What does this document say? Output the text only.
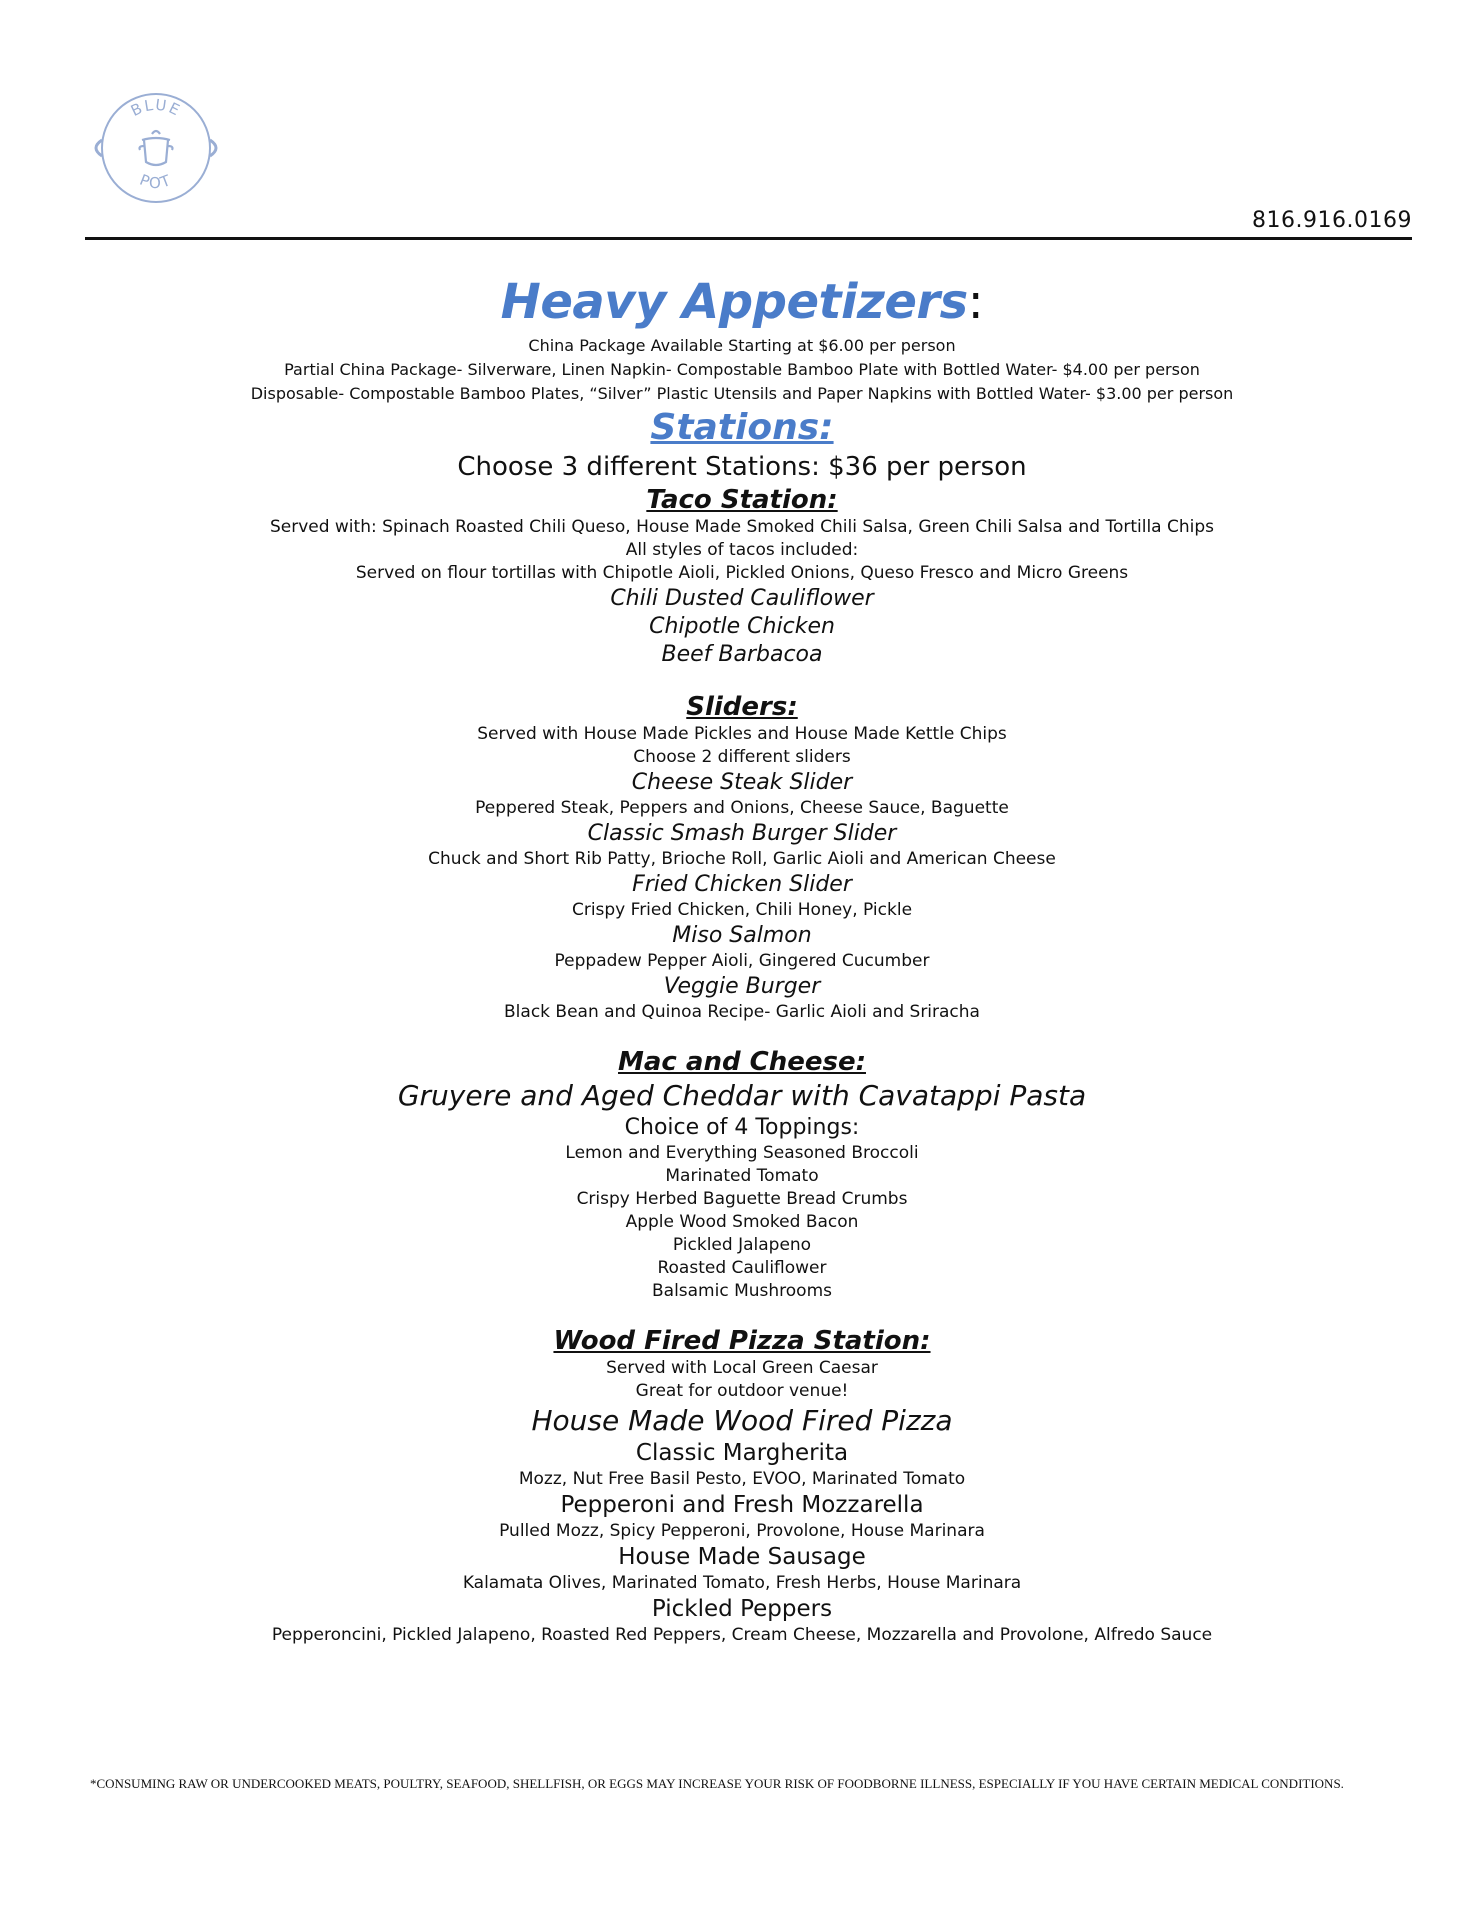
BLUE
POT
816.916.0169
Heavy Appetizers:
China Package Available Starting at $6.00 per person
Partial China Package- Silverware, Linen Napkin- Compostable Bamboo Plate with Bottled Water- $4.00 per person
Disposable- Compostable Bamboo Plates, “Silver” Plastic Utensils and Paper Napkins with Bottled Water- $3.00 per person
Stations:
Choose 3 different Stations: $36 per person
Taco Station:
Served with: Spinach Roasted Chili Queso, House Made Smoked Chili Salsa, Green Chili Salsa and Tortilla Chips
All styles of tacos included:
Served on flour tortillas with Chipotle Aioli, Pickled Onions, Queso Fresco and Micro Greens
Chili Dusted Cauliflower
Chipotle Chicken
Beef Barbacoa
Sliders:
Served with House Made Pickles and House Made Kettle Chips
Choose 2 different sliders
Cheese Steak Slider
Peppered Steak, Peppers and Onions, Cheese Sauce, Baguette
Classic Smash Burger Slider
Chuck and Short Rib Patty, Brioche Roll, Garlic Aioli and American Cheese
Fried Chicken Slider
Crispy Fried Chicken, Chili Honey, Pickle
Miso Salmon
Peppadew Pepper Aioli, Gingered Cucumber
Veggie Burger
Black Bean and Quinoa Recipe- Garlic Aioli and Sriracha
Mac and Cheese:
Gruyere and Aged Cheddar with Cavatappi Pasta
Choice of 4 Toppings:
Lemon and Everything Seasoned Broccoli
Marinated Tomato
Crispy Herbed Baguette Bread Crumbs
Apple Wood Smoked Bacon
Pickled Jalapeno
Roasted Cauliflower
Balsamic Mushrooms
Wood Fired Pizza Station:
Served with Local Green Caesar
Great for outdoor venue!
House Made Wood Fired Pizza
Classic Margherita
Mozz, Nut Free Basil Pesto, EVOO, Marinated Tomato
Pepperoni and Fresh Mozzarella
Pulled Mozz, Spicy Pepperoni, Provolone, House Marinara
House Made Sausage
Kalamata Olives, Marinated Tomato, Fresh Herbs, House Marinara
Pickled Peppers
Pepperoncini, Pickled Jalapeno, Roasted Red Peppers, Cream Cheese, Mozzarella and Provolone, Alfredo Sauce
*CONSUMING RAW OR UNDERCOOKED MEATS, POULTRY, SEAFOOD, SHELLFISH, OR EGGS MAY INCREASE YOUR RISK OF FOODBORNE ILLNESS, ESPECIALLY IF YOU HAVE CERTAIN MEDICAL CONDITIONS.
